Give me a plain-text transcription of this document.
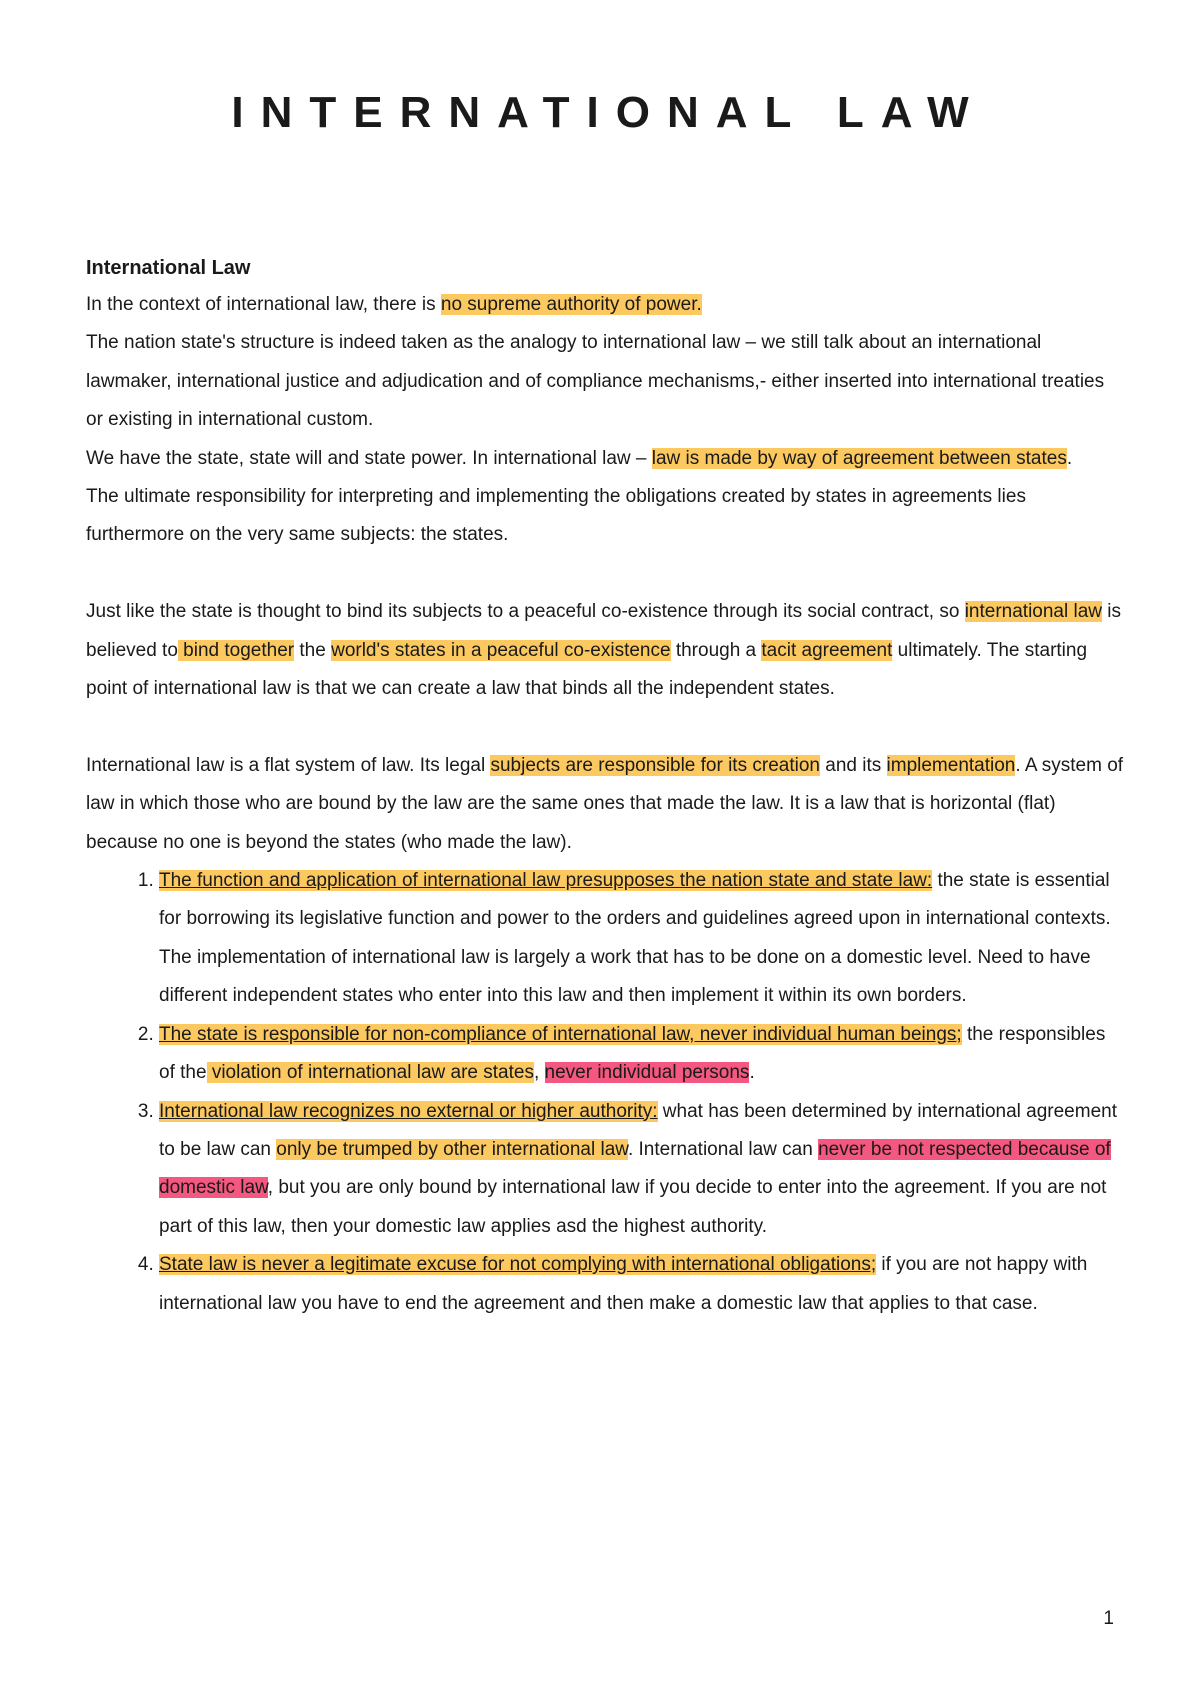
INTERNATIONAL LAW

International Law

In the context of international law, there is no supreme authority of power.

The nation state's structure is indeed taken as the analogy to international law – we still talk about an international lawmaker, international justice and adjudication and of compliance mechanisms,- either inserted into international treaties or existing in international custom.

We have the state, state will and state power. In international law – law is made by way of agreement between states.

The ultimate responsibility for interpreting and implementing the obligations created by states in agreements lies furthermore on the very same subjects: the states.

Just like the state is thought to bind its subjects to a peaceful co-existence through its social contract, so international law is believed to bind together the world's states in a peaceful co-existence through a tacit agreement ultimately. The starting point of international law is that we can create a law that binds all the independent states.

International law is a flat system of law. Its legal subjects are responsible for its creation and its implementation. A system of law in which those who are bound by the law are the same ones that made the law. It is a law that is horizontal (flat) because no one is beyond the states (who made the law).

1. The function and application of international law presupposes the nation state and state law: the state is essential for borrowing its legislative function and power to the orders and guidelines agreed upon in international contexts. The implementation of international law is largely a work that has to be done on a domestic level. Need to have different independent states who enter into this law and then implement it within its own borders.
2. The state is responsible for non-compliance of international law, never individual human beings; the responsibles of the violation of international law are states, never individual persons.
3. International law recognizes no external or higher authority: what has been determined by international agreement to be law can only be trumped by other international law. International law can never be not respected because of domestic law, but you are only bound by international law if you decide to enter into the agreement. If you are not part of this law, then your domestic law applies asd the highest authority.
4. State law is never a legitimate excuse for not complying with international obligations; if you are not happy with international law you have to end the agreement and then make a domestic law that applies to that case.
1
